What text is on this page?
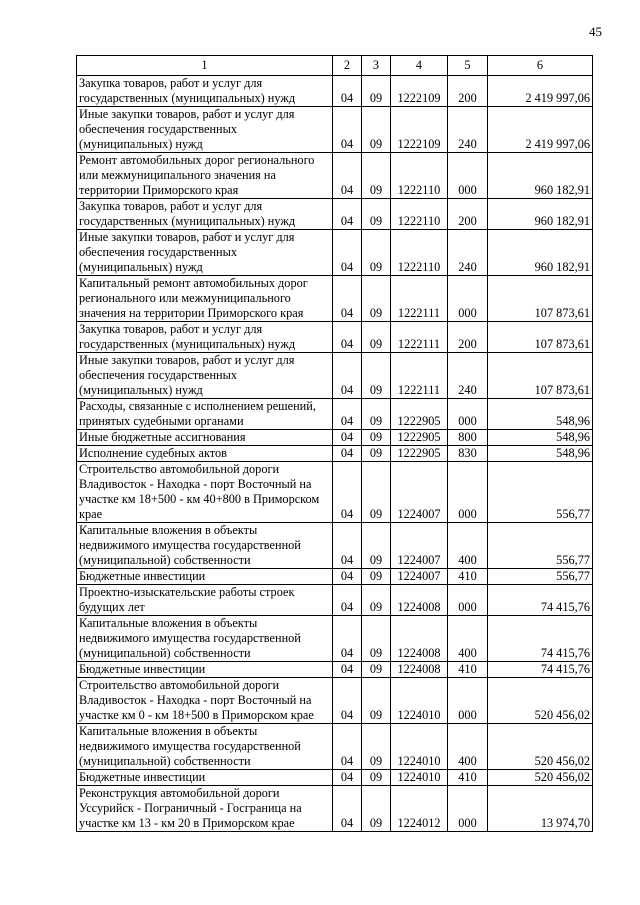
45
1	2	3	4	5	6
Закупка товаров, работ и услуг для государственных (муниципальных) нужд	04	09	1222109	200	2 419 997,06
Иные закупки товаров, работ и услуг для обеспечения государственных (муниципальных) нужд	04	09	1222109	240	2 419 997,06
Ремонт автомобильных дорог регионального или межмуниципального значения на территории Приморского края	04	09	1222110	000	960 182,91
Закупка товаров, работ и услуг для государственных (муниципальных) нужд	04	09	1222110	200	960 182,91
Иные закупки товаров, работ и услуг для обеспечения государственных (муниципальных) нужд	04	09	1222110	240	960 182,91
Капитальный ремонт автомобильных дорог регионального или межмуниципального значения на территории Приморского края	04	09	1222111	000	107 873,61
Закупка товаров, работ и услуг для государственных (муниципальных) нужд	04	09	1222111	200	107 873,61
Иные закупки товаров, работ и услуг для обеспечения государственных (муниципальных) нужд	04	09	1222111	240	107 873,61
Расходы, связанные с исполнением решений, принятых судебными органами	04	09	1222905	000	548,96
Иные бюджетные ассигнования	04	09	1222905	800	548,96
Исполнение судебных актов	04	09	1222905	830	548,96
Строительство автомобильной дороги Владивосток - Находка - порт Восточный на участке км 18+500 - км 40+800 в Приморском крае	04	09	1224007	000	556,77
Капитальные вложения в объекты недвижимого имущества государственной (муниципальной) собственности	04	09	1224007	400	556,77
Бюджетные инвестиции	04	09	1224007	410	556,77
Проектно-изыскательские работы строек будущих лет	04	09	1224008	000	74 415,76
Капитальные вложения в объекты недвижимого имущества государственной (муниципальной) собственности	04	09	1224008	400	74 415,76
Бюджетные инвестиции	04	09	1224008	410	74 415,76
Строительство автомобильной дороги Владивосток - Находка - порт Восточный на участке км 0 - км 18+500 в Приморском крае	04	09	1224010	000	520 456,02
Капитальные вложения в объекты недвижимого имущества государственной (муниципальной) собственности	04	09	1224010	400	520 456,02
Бюджетные инвестиции	04	09	1224010	410	520 456,02
Реконструкция автомобильной дороги Уссурийск - Пограничный - Госграница на участке км 13 - км 20 в Приморском крае	04	09	1224012	000	13 974,70
